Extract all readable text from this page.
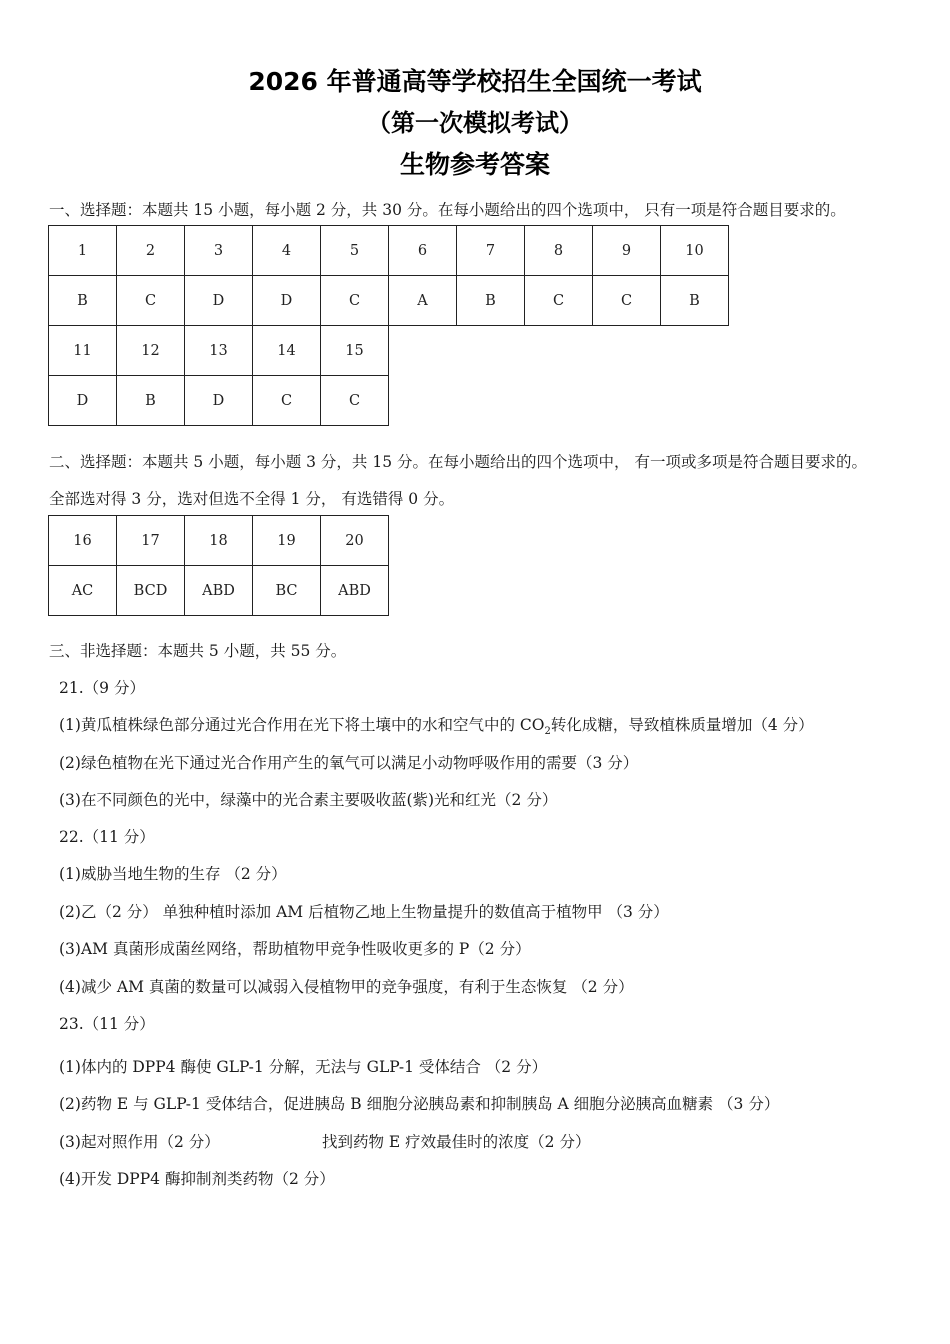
2026 年普通高等学校招生全国统一考试
（第一次模拟考试）
生物参考答案
一、选择题：本题共 15 小题，每小题 2 分，共 30 分。在每小题给出的四个选项中， 只有一项是符合题目要求的。
1	2	3	4	5	6	7	8	9	10
B	C	D	D	C	A	B	C	C	B
11	12	13	14	15					
D	B	D	C	C					
二、选择题：本题共 5 小题，每小题 3 分，共 15 分。在每小题给出的四个选项中， 有一项或多项是符合题目要求的。
全部选对得 3 分，选对但选不全得 1 分， 有选错得 0 分。
16	17	18	19	20
AC	BCD	ABD	BC	ABD
三、非选择题：本题共 5 小题，共 55 分。
21.（9 分）
(1)黄瓜植株绿色部分通过光合作用在光下将土壤中的水和空气中的 $CO_2$转化成糖，导致植株质量增加（4 分）
(2)绿色植物在光下通过光合作用产生的氧气可以满足小动物呼吸作用的需要（3 分）
(3)在不同颜色的光中，绿藻中的光合素主要吸收蓝(紫)光和红光（2 分）
22.（11 分）
(1)威胁当地生物的生存 （2 分）
(2)乙（2 分） 单独种植时添加 AM 后植物乙地上生物量提升的数值高于植物甲 （3 分）
(3)AM 真菌形成菌丝网络，帮助植物甲竞争性吸收更多的 P（2 分）
(4)减少 AM 真菌的数量可以减弱入侵植物甲的竞争强度，有利于生态恢复 （2 分）
23.（11 分）
(1)体内的 DPP4 酶使 GLP-1 分解，无法与 GLP-1 受体结合 （2 分）
(2)药物 E 与 GLP-1 受体结合，促进胰岛 B 细胞分泌胰岛素和抑制胰岛 A 细胞分泌胰高血糖素 （3 分）
(3)起对照作用（2 分）	找到药物 E 疗效最佳时的浓度（2 分）
(4)开发 DPP4 酶抑制剂类药物（2 分）
